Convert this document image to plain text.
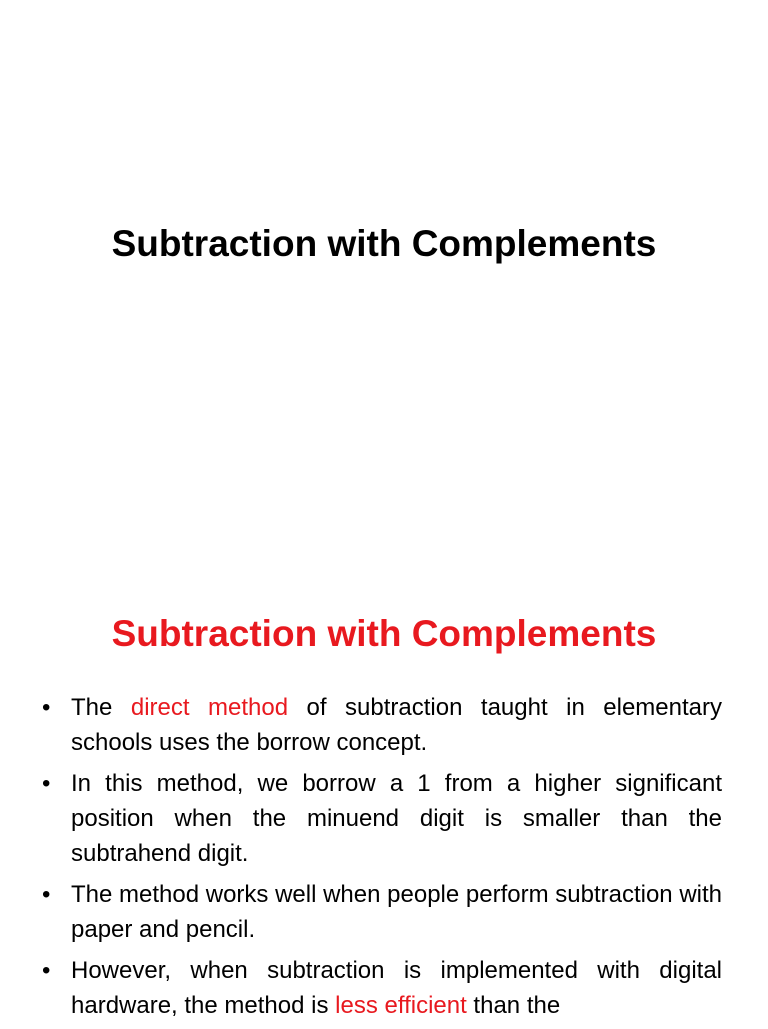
Subtraction with Complements
Subtraction with Complements
• The direct method of subtraction taught in elementary schools uses the borrow concept.
• In this method, we borrow a 1 from a higher significant position when the minuend digit is smaller than the subtrahend digit.
• The method works well when people perform subtraction with paper and pencil.
• However, when subtraction is implemented with digital hardware, the method is less efficient than the
